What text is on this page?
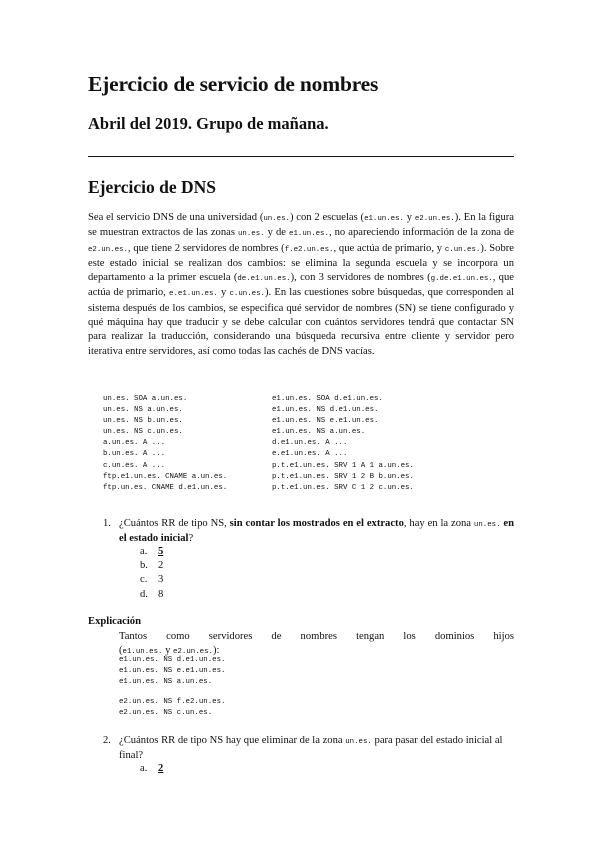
Ejercicio de servicio de nombres
Abril del 2019. Grupo de mañana.
Ejercicio de DNS
Sea el servicio DNS de una universidad (un.es.) con 2 escuelas (e1.un.es. y e2.un.es.). En la figura se muestran extractos de las zonas un.es. y de e1.un.es., no apareciendo información de la zona de e2.un.es., que tiene 2 servidores de nombres (f.e2.un.es., que actúa de primario, y c.un.es.). Sobre este estado inicial se realizan dos cambios: se elimina la segunda escuela y se incorpora un departamento a la primer escuela (de.e1.un.es.), con 3 servidores de nombres (g.de.e1.un.es., que actúa de primario, e.e1.un.es. y c.un.es.). En las cuestiones sobre búsquedas, que corresponden al sistema después de los cambios, se especifica qué servidor de nombres (SN) se tiene configurado y qué máquina hay que traducir y se debe calcular con cuántos servidores tendrá que contactar SN para realizar la traducción, considerando una búsqueda recursiva entre cliente y servidor pero iterativa entre servidores, así como todas las cachés de DNS vacías.
un.es. SOA a.un.es.
un.es. NS a.un.es.
un.es. NS b.un.es.
un.es. NS c.un.es.
a.un.es. A ...
b.un.es. A ...
c.un.es. A ...
ftp.e1.un.es. CNAME a.un.es.
ftp.un.es. CNAME d.e1.un.es.
e1.un.es. SOA d.e1.un.es.
e1.un.es. NS d.e1.un.es.
e1.un.es. NS e.e1.un.es.
e1.un.es. NS a.un.es.
d.e1.un.es. A ...
e.e1.un.es. A ...
p.t.e1.un.es. SRV 1 A 1 a.un.es.
p.t.e1.un.es. SRV 1 2 B b.un.es.
p.t.e1.un.es. SRV C 1 2 c.un.es.
1. ¿Cuántos RR de tipo NS, sin contar los mostrados en el extracto, hay en la zona un.es. en el estado inicial?
a. 5
b. 2
c. 3
d. 8
Explicación
Tantos como servidores de nombres tengan los dominios hijos
(e1.un.es. y e2.un.es.):
e1.un.es. NS d.e1.un.es.
e1.un.es. NS e.e1.un.es.
e1.un.es. NS a.un.es.
e2.un.es. NS f.e2.un.es.
e2.un.es. NS c.un.es.
2. ¿Cuántos RR de tipo NS hay que eliminar de la zona un.es. para pasar del estado inicial al final?
a. 2
